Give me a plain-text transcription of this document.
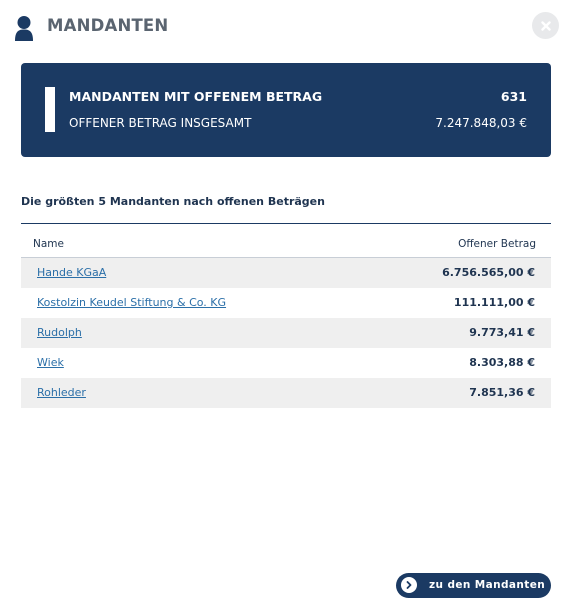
MANDANTEN
MANDANTEN MIT OFFENEM BETRAG	631
OFFENER BETRAG INSGESAMT	7.247.848,03 €
Die größten 5 Mandanten nach offenen Beträgen
Name	Offener Betrag
Hande KGaA	6.756.565,00 €
Kostolzin Keudel Stiftung & Co. KG	111.111,00 €
Rudolph	9.773,41 €
Wiek	8.303,88 €
Rohleder	7.851,36 €
zu den Mandanten
